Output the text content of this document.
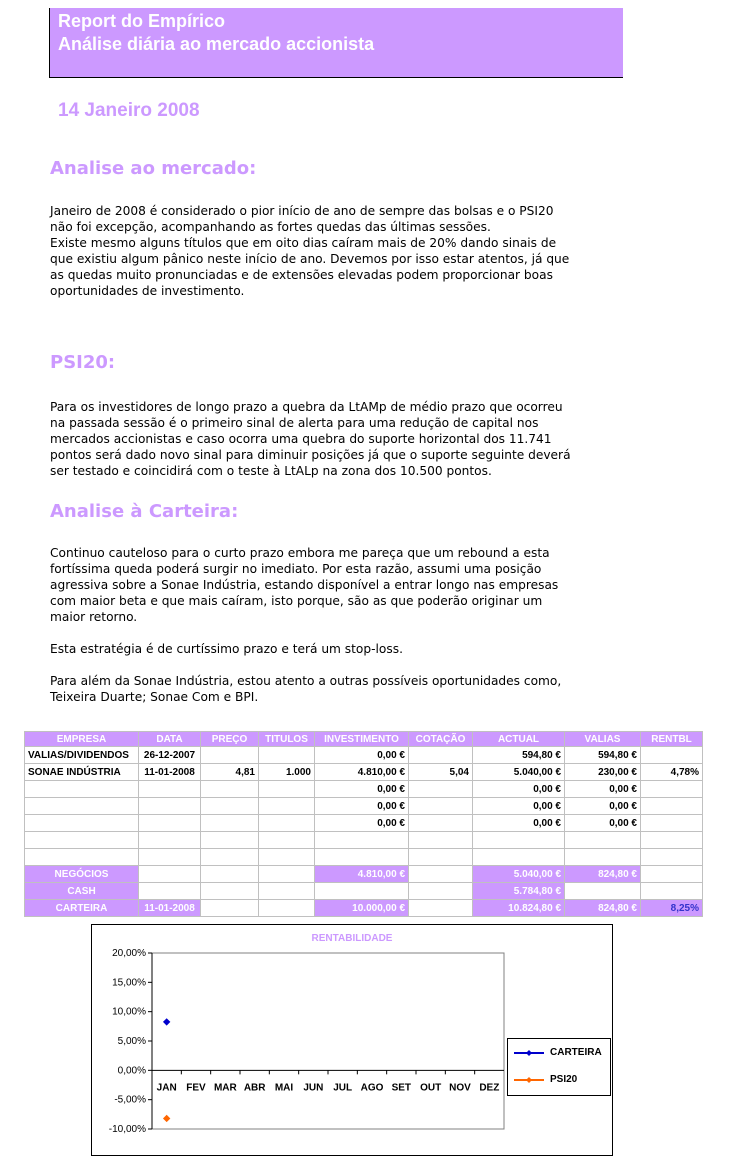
Report do Empírico
Análise diária ao mercado accionista
14 Janeiro 2008
Analise ao mercado:
Janeiro de 2008 é considerado o pior início de ano de sempre das bolsas e o PSI20
não foi excepção, acompanhando as fortes quedas das últimas sessões.
Existe mesmo alguns títulos que em oito dias caíram mais de 20% dando sinais de
que existiu algum pânico neste início de ano. Devemos por isso estar atentos, já que
as quedas muito pronunciadas e de extensões elevadas podem proporcionar boas
oportunidades de investimento.
PSI20:
Para os investidores de longo prazo a quebra da LtAMp de médio prazo que ocorreu
na passada sessão é o primeiro sinal de alerta para uma redução de capital nos
mercados accionistas e caso ocorra uma quebra do suporte horizontal dos 11.741
pontos será dado novo sinal para diminuir posições já que o suporte seguinte deverá
ser testado e coincidirá com o teste à LtALp na zona dos 10.500 pontos.
Analise à Carteira:
Continuo cauteloso para o curto prazo embora me pareça que um rebound a esta
fortíssima queda poderá surgir no imediato. Por esta razão, assumi uma posição
agressiva sobre a Sonae Indústria, estando disponível a entrar longo nas empresas
com maior beta e que mais caíram, isto porque, são as que poderão originar um
maior retorno.

Esta estratégia é de curtíssimo prazo e terá um stop-loss.

Para além da Sonae Indústria, estou atento a outras possíveis oportunidades como,
Teixeira Duarte; Sonae Com e BPI.
EMPRESA	DATA	PREÇO	TITULOS	INVESTIMENTO	COTAÇÃO	ACTUAL	VALIAS	RENTBL
VALIAS/DIVIDENDOS	26-12-2007			0,00 €		594,80 €	594,80 €	
SONAE INDÚSTRIA	11-01-2008	4,81	1.000	4.810,00 €	5,04	5.040,00 €	230,00 €	4,78%
				0,00 €		0,00 €	0,00 €	
				0,00 €		0,00 €	0,00 €	
				0,00 €		0,00 €	0,00 €	

NEGÓCIOS				4.810,00 €		5.040,00 €	824,80 €	
CASH						5.784,80 €		
CARTEIRA	11-01-2008			10.000,00 €		10.824,80 €	824,80 €	8,25%
RENTABILIDADE
20,00%
15,00%
10,00%
5,00%
0,00%
-5,00%
-10,00%
JAN FEV MAR ABR MAI JUN JUL AGO SET OUT NOV DEZ
CARTEIRA
PSI20
